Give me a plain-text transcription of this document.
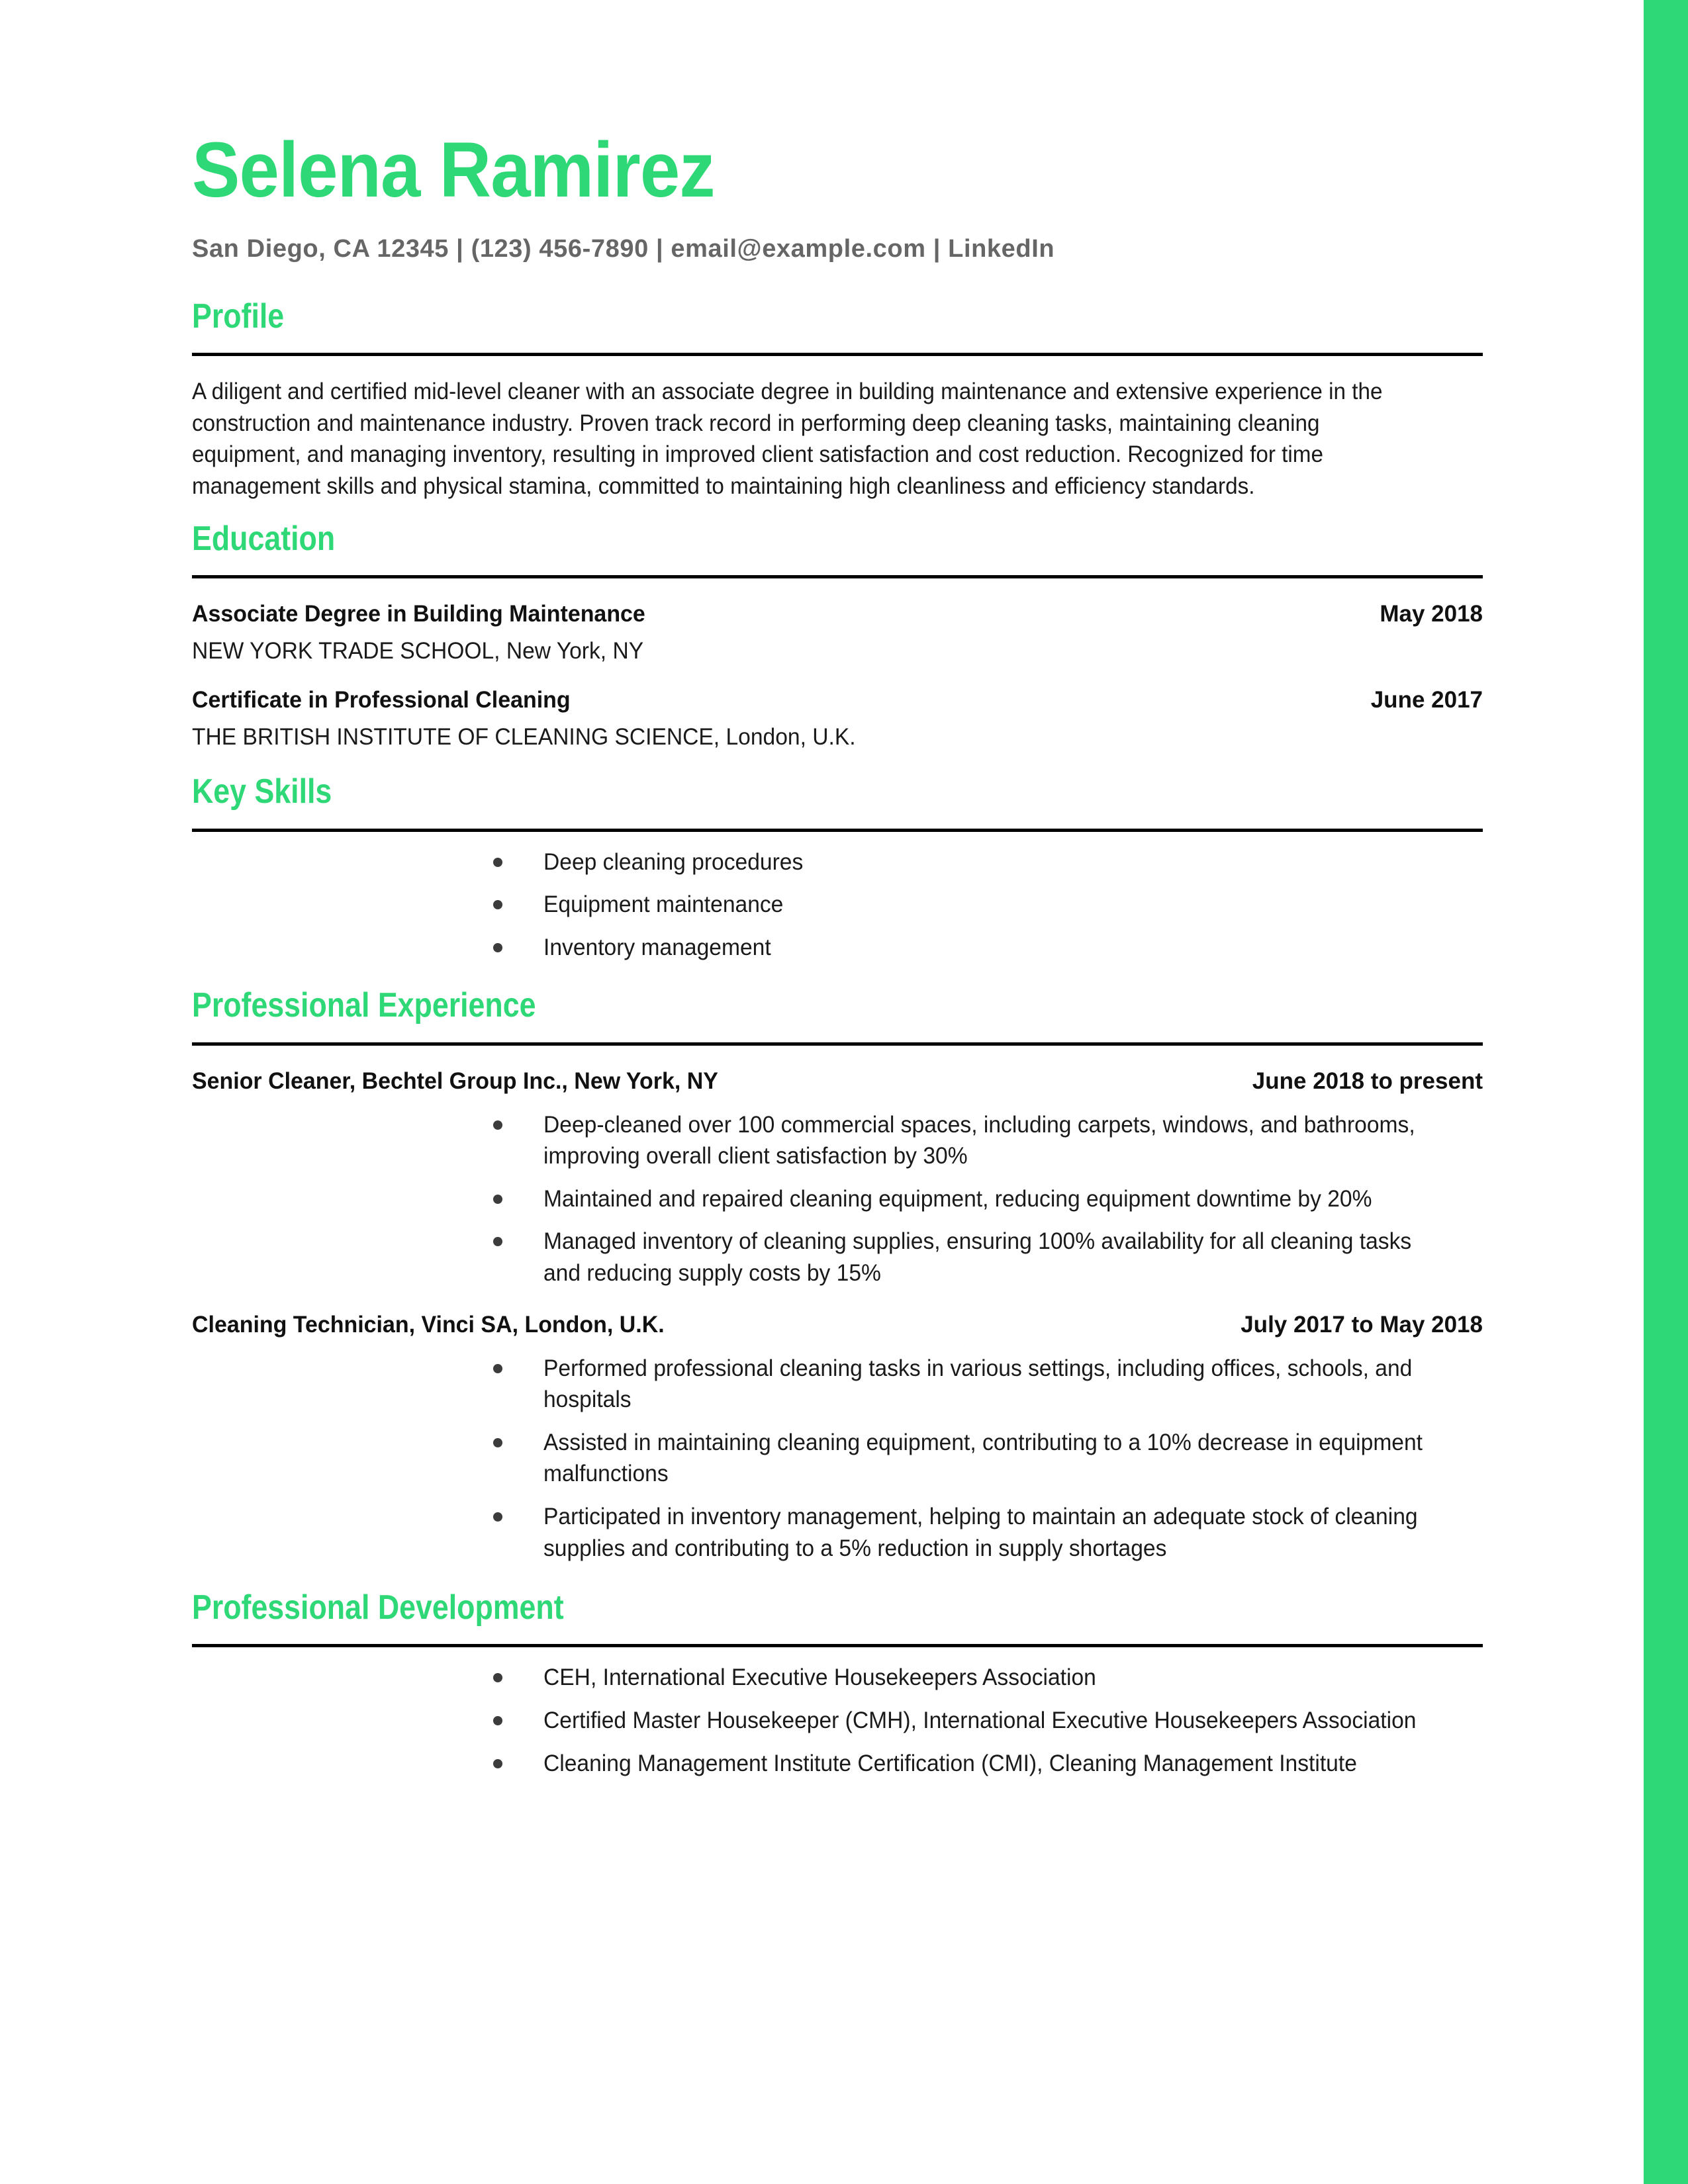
Selena Ramirez
San Diego, CA 12345 | (123) 456-7890 | email@example.com | LinkedIn
Profile

A diligent and certified mid-level cleaner with an associate degree in building maintenance and extensive experience in the construction and maintenance industry. Proven track record in performing deep cleaning tasks, maintaining cleaning equipment, and managing inventory, resulting in improved client satisfaction and cost reduction. Recognized for time management skills and physical stamina, committed to maintaining high cleanliness and efficiency standards.

Education
Associate Degree in Building Maintenance	May 2018
NEW YORK TRADE SCHOOL, New York, NY
Certificate in Professional Cleaning	June 2017
THE BRITISH INSTITUTE OF CLEANING SCIENCE, London, U.K.
Key Skills
Deep cleaning procedures
Equipment maintenance
Inventory management
Professional Experience
Senior Cleaner, Bechtel Group Inc., New York, NY	June 2018 to present
Deep-cleaned over 100 commercial spaces, including carpets, windows, and bathrooms, improving overall client satisfaction by 30%
Maintained and repaired cleaning equipment, reducing equipment downtime by 20%
Managed inventory of cleaning supplies, ensuring 100% availability for all cleaning tasks and reducing supply costs by 15%
Cleaning Technician, Vinci SA, London, U.K.	July 2017 to May 2018
Performed professional cleaning tasks in various settings, including offices, schools, and hospitals
Assisted in maintaining cleaning equipment, contributing to a 10% decrease in equipment malfunctions
Participated in inventory management, helping to maintain an adequate stock of cleaning supplies and contributing to a 5% reduction in supply shortages
Professional Development
CEH, International Executive Housekeepers Association
Certified Master Housekeeper (CMH), International Executive Housekeepers Association
Cleaning Management Institute Certification (CMI), Cleaning Management Institute
